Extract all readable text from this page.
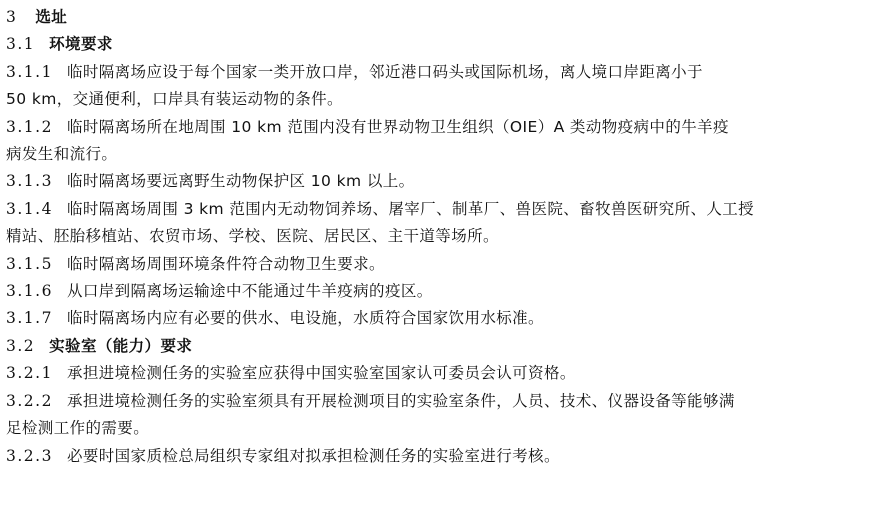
3 选址
3.1 环境要求
3.1.1 临时隔离场应设于每个国家一类开放口岸，邻近港口码头或国际机场，离人境口岸距离小于
50 km，交通便利，口岸具有装运动物的条件。
3.1.2 临时隔离场所在地周围 10 km 范围内没有世界动物卫生组织（OIE）A 类动物疫病中的牛羊疫
病发生和流行。
3.1.3 临时隔离场要远离野生动物保护区 10 km 以上。
3.1.4 临时隔离场周围 3 km 范围内无动物饲养场、屠宰厂、制革厂、兽医院、畜牧兽医研究所、人工授
精站、胚胎移植站、农贸市场、学校、医院、居民区、主干道等场所。
3.1.5 临时隔离场周围环境条件符合动物卫生要求。
3.1.6 从口岸到隔离场运输途中不能通过牛羊疫病的疫区。
3.1.7 临时隔离场内应有必要的供水、电设施，水质符合国家饮用水标准。
3.2 实验室（能力）要求
3.2.1 承担进境检测任务的实验室应获得中国实验室国家认可委员会认可资格。
3.2.2 承担进境检测任务的实验室须具有开展检测项目的实验室条件，人员、技术、仪器设备等能够满
足检测工作的需要。
3.2.3 必要时国家质检总局组织专家组对拟承担检测任务的实验室进行考核。
